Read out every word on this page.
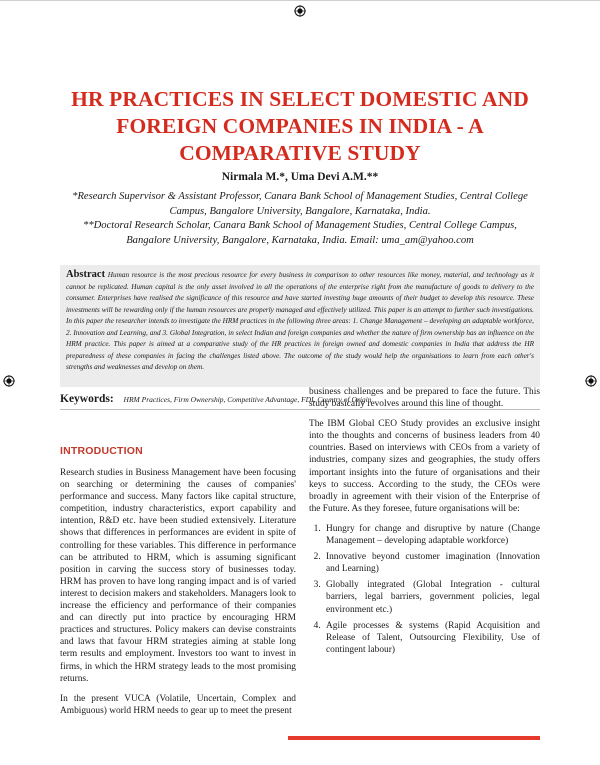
HR PRACTICES IN SELECT DOMESTIC AND FOREIGN COMPANIES IN INDIA - A COMPARATIVE STUDY
Nirmala M.*, Uma Devi A.M.**
*Research Supervisor & Assistant Professor, Canara Bank School of Management Studies, Central College Campus, Bangalore University, Bangalore, Karnataka, India.
**Doctoral Research Scholar, Canara Bank School of Management Studies, Central College Campus, Bangalore University, Bangalore, Karnataka, India. Email: uma_am@yahoo.com
Abstract Human resource is the most precious resource for every business in comparison to other resources like money, material, and technology as it cannot be replicated. Human capital is the only asset involved in all the operations of the enterprise right from the manufacture of goods to delivery to the consumer. Enterprises have realised the significance of this resource and have started investing huge amounts of their budget to develop this resource. These investments will be rewarding only if the human resources are properly managed and effectively utilized. This paper is an attempt to further such investigations. In this paper the researcher intends to investigate the HRM practices in the following three areas: 1. Change Management – developing an adaptable workforce, 2. Innovation and Learning, and 3. Global Integration, in select Indian and foreign companies and whether the nature of firm ownership has an influence on the HRM practice. This paper is aimed at a comparative study of the HR practices in foreign owned and domestic companies in India that address the HR preparedness of these companies in facing the challenges listed above. The outcome of the study would help the organisations to learn from each other's strengths and weaknesses and develop on them.
Keywords: HRM Practices, Firm Ownership, Competitive Advantage, FDI, Country of Origin
INTRODUCTION

Research studies in Business Management have been focusing on searching or determining the causes of companies' performance and success. Many factors like capital structure, competition, industry characteristics, export capability and intention, R&D etc. have been studied extensively. Literature shows that differences in performances are evident in spite of controlling for these variables. This difference in performance can be attributed to HRM, which is assuming significant position in carving the success story of businesses today. HRM has proven to have long ranging impact and is of varied interest to decision makers and stakeholders. Managers look to increase the efficiency and performance of their companies and can directly put into practice by encouraging HRM practices and structures. Policy makers can devise constraints and laws that favour HRM strategies aiming at stable long term results and employment. Investors too want to invest in firms, in which the HRM strategy leads to the most promising returns.

In the present VUCA (Volatile, Uncertain, Complex and Ambiguous) world HRM needs to gear up to meet the present

business challenges and be prepared to face the future. This study basically revolves around this line of thought.

The IBM Global CEO Study provides an exclusive insight into the thoughts and concerns of business leaders from 40 countries. Based on interviews with CEOs from a variety of industries, company sizes and geographies, the study offers important insights into the future of organisations and their keys to success. According to the study, the CEOs were broadly in agreement with their vision of the Enterprise of the Future. As they foresee, future organisations will be:

1. Hungry for change and disruptive by nature (Change Management – developing adaptable workforce)
2. Innovative beyond customer imagination (Innovation and Learning)
3. Globally integrated (Global Integration - cultural barriers, legal barriers, government policies, legal environment etc.)
4. Agile processes & systems (Rapid Acquisition and Release of Talent, Outsourcing Flexibility, Use of contingent labour)
